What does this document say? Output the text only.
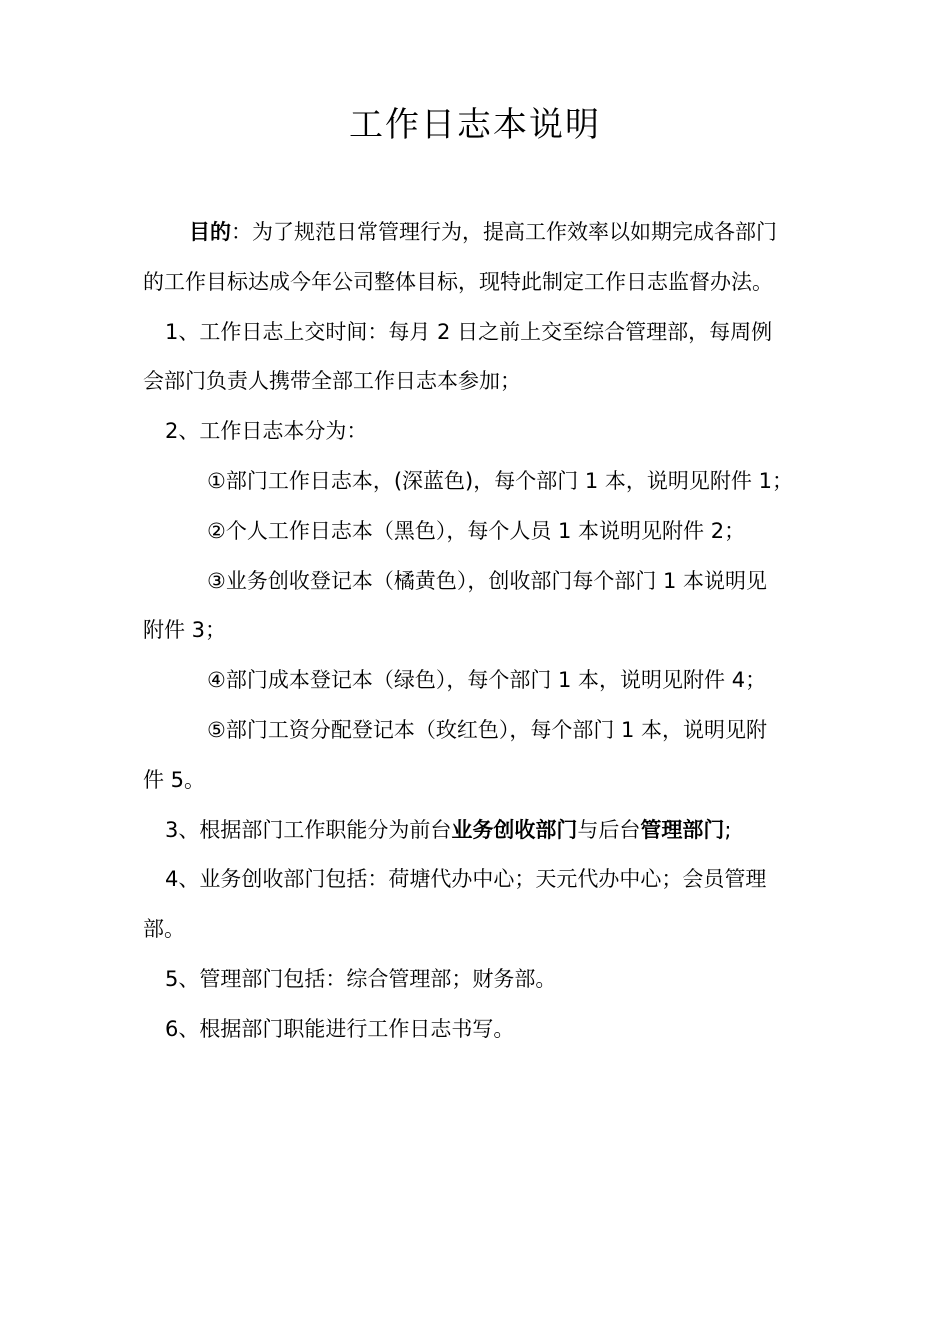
工作日志本说明

目的：为了规范日常管理行为，提高工作效率以如期完成各部门

的工作目标达成今年公司整体目标，现特此制定工作日志监督办法。

1、工作日志上交时间：每月 2 日之前上交至综合管理部，每周例

会部门负责人携带全部工作日志本参加；

2、工作日志本分为：

①部门工作日志本，(深蓝色)，每个部门 1 本，说明见附件 1；

②个人工作日志本（黑色），每个人员 1 本说明见附件 2；

③业务创收登记本（橘黄色），创收部门每个部门 1 本说明见

附件 3；

④部门成本登记本（绿色），每个部门 1 本，说明见附件 4；

⑤部门工资分配登记本（玫红色），每个部门 1 本，说明见附

件 5。

3、根据部门工作职能分为前台业务创收部门与后台管理部门;

4、业务创收部门包括：荷塘代办中心；天元代办中心；会员管理

部。

5、管理部门包括：综合管理部；财务部。

6、根据部门职能进行工作日志书写。
